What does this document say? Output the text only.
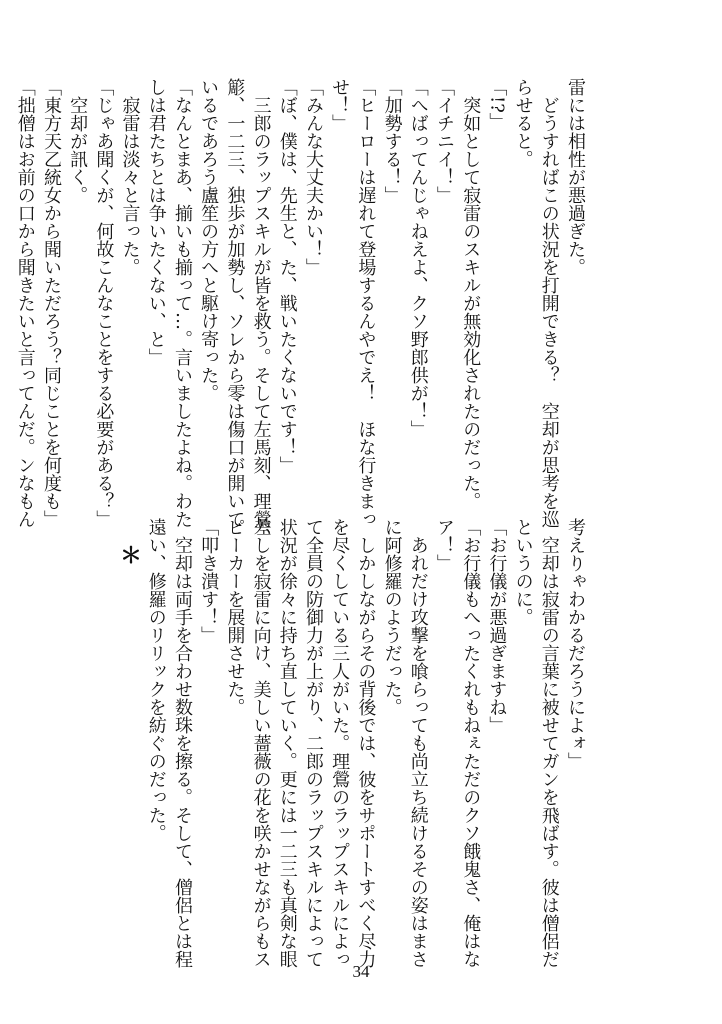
雷には相性が悪過ぎた。
　どうすればこの状況を打開できる？　空却が思考を巡
らせると。
「!?」
　突如として寂雷のスキルが無効化されたのだった。
「イチニイ！」
「へばってんじゃねえよ、クソ野郎供が！」
「加勢する！」
「ヒーローは遅れて登場するんやでえ！　ほな行きまっ
せ！」
「みんな大丈夫かい！」
「ぼ、僕は、先生と、た、戦いたくないです！」
　三郎のラップスキルが皆を救う。そして左馬刻、理鶯、
簓、一二三、独歩が加勢し、ソレから零は傷口が開いて
いるであろう盧笙の方へと駆け寄った。
「なんとまあ、揃いも揃って…。言いましたよね。わた
しは君たちとは争いたくない、と」
　寂雷は淡々と言った。
「じゃあ聞くが、何故こんなことをする必要がある？」
　空却が訊く。
「東方天乙統女から聞いただろう？同じことを何度も」
「拙僧はお前の口から聞きたいと言ってんだ。ンなもん
考えりゃわかるだろうによォ」
　空却は寂雷の言葉に被せてガンを飛ばす。彼は僧侶だ
というのに。
「お行儀が悪過ぎますね」
「お行儀もへったくれもねぇただのクソ餓鬼さ、俺はな
ア！」
　あれだけ攻撃を喰らっても尚立ち続けるその姿はまさ
に阿修羅のようだった。
　しかしながらその背後では、彼をサポートすべく尽力
を尽くしている三人がいた。理鶯のラップスキルによっ
て全員の防御力が上がり、二郎のラップスキルによって
状況が徐々に持ち直していく。更には一二三も真剣な眼
差しを寂雷に向け、美しい薔薇の花を咲かせながらもス
ピーカーを展開させた。
「叩き潰す！」
　空却は両手を合わせ数珠を擦る。そして、僧侶とは程
遠い、修羅のリリックを紡ぐのだった。
＊
34
